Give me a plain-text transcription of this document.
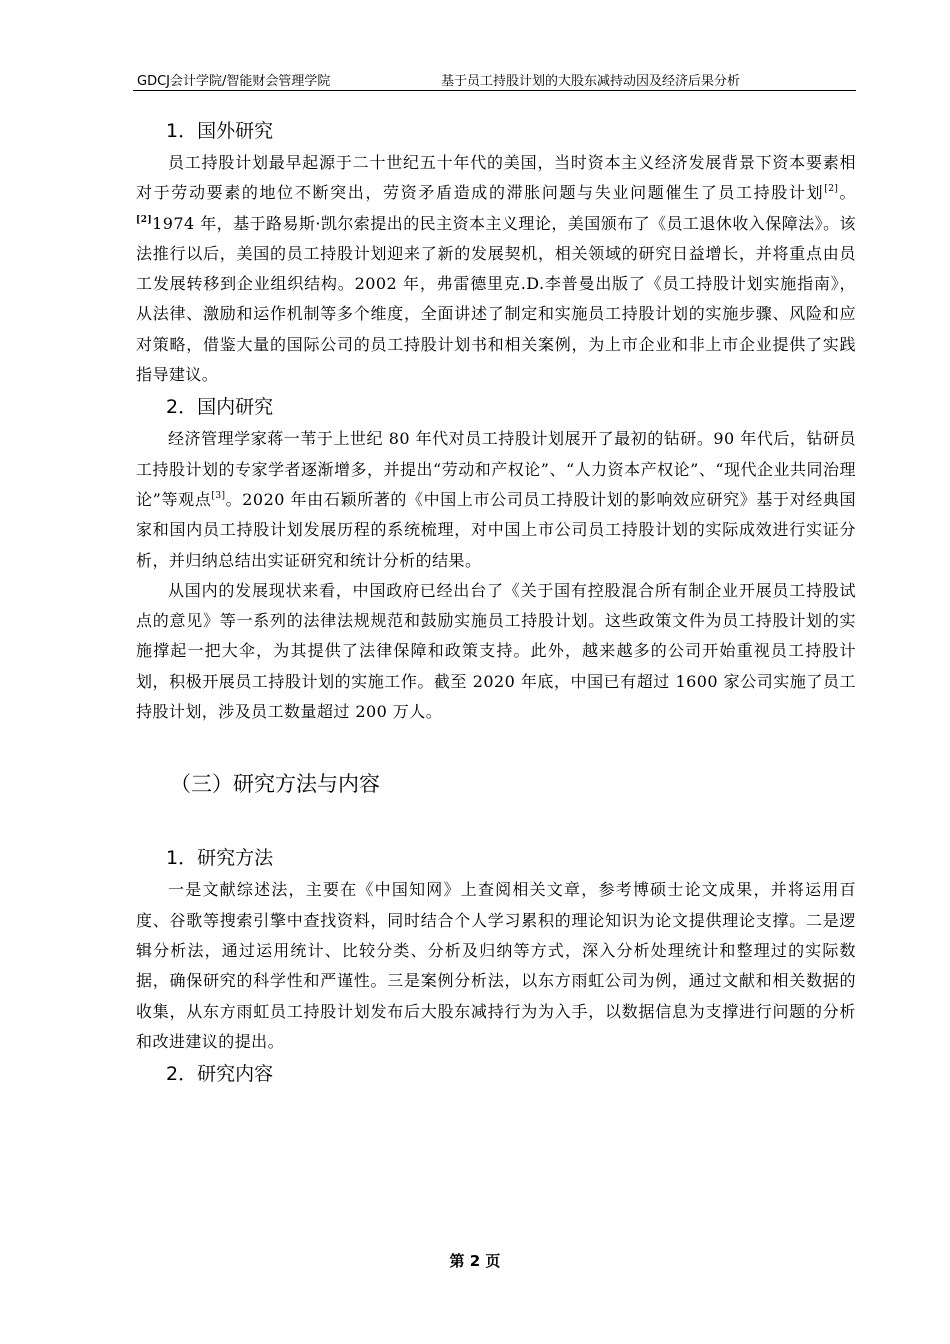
GDCJ会计学院/智能财会管理学院	基于员工持股计划的大股东减持动因及经济后果分析
1．国外研究

员工持股计划最早起源于二十世纪五十年代的美国，当时资本主义经济发展背景下资本要素相对于劳动要素的地位不断突出，劳资矛盾造成的滞胀问题与失业问题催生了员工持股计划[2]。[2]1974 年，基于路易斯·凯尔索提出的民主资本主义理论，美国颁布了《员工退休收入保障法》。该法推行以后，美国的员工持股计划迎来了新的发展契机，相关领域的研究日益增长，并将重点由员工发展转移到企业组织结构。2002 年，弗雷德里克.D.李普曼出版了《员工持股计划实施指南》，从法律、激励和运作机制等多个维度，全面讲述了制定和实施员工持股计划的实施步骤、风险和应对策略，借鉴大量的国际公司的员工持股计划书和相关案例，为上市企业和非上市企业提供了实践指导建议。

2．国内研究

经济管理学家蒋一苇于上世纪 80 年代对员工持股计划展开了最初的钻研。90 年代后，钻研员工持股计划的专家学者逐渐增多，并提出“劳动和产权论”、“人力资本产权论”、“现代企业共同治理论”等观点[3]。2020 年由石颖所著的《中国上市公司员工持股计划的影响效应研究》基于对经典国家和国内员工持股计划发展历程的系统梳理，对中国上市公司员工持股计划的实际成效进行实证分析，并归纳总结出实证研究和统计分析的结果。

从国内的发展现状来看，中国政府已经出台了《关于国有控股混合所有制企业开展员工持股试点的意见》等一系列的法律法规规范和鼓励实施员工持股计划。这些政策文件为员工持股计划的实施撑起一把大伞，为其提供了法律保障和政策支持。此外，越来越多的公司开始重视员工持股计划，积极开展员工持股计划的实施工作。截至 2020 年底，中国已有超过 1600 家公司实施了员工持股计划，涉及员工数量超过 200 万人。

（三）研究方法与内容
1．研究方法

一是文献综述法，主要在《中国知网》上查阅相关文章，参考博硕士论文成果，并将运用百度、谷歌等搜索引擎中查找资料，同时结合个人学习累积的理论知识为论文提供理论支撑。二是逻辑分析法，通过运用统计、比较分类、分析及归纳等方式，深入分析处理统计和整理过的实际数据，确保研究的科学性和严谨性。三是案例分析法，以东方雨虹公司为例，通过文献和相关数据的收集，从东方雨虹员工持股计划发布后大股东减持行为为入手，以数据信息为支撑进行问题的分析和改进建议的提出。

2．研究内容
第 2 页
